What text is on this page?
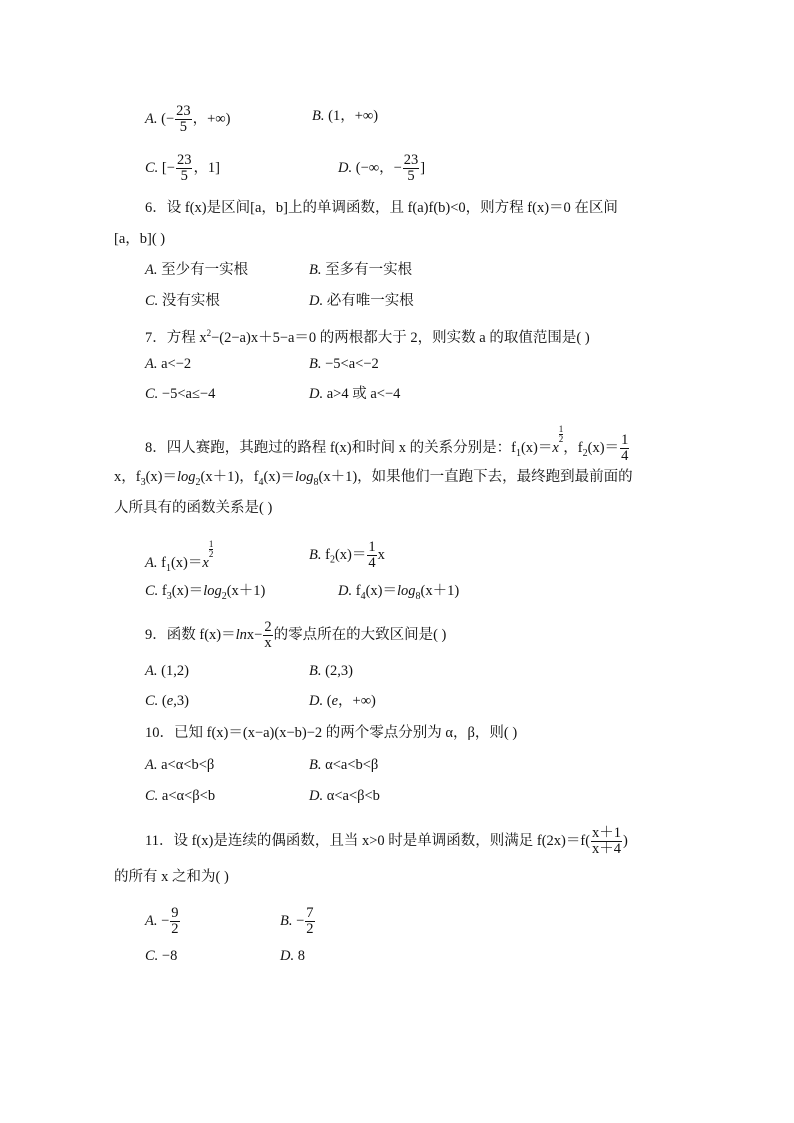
A. (− $\frac{23}{5}$ ，+∞)	B. (1，+∞)
C. [− $\frac{23}{5}$ ，1]	D. (−∞，− $\frac{23}{5}$ ]
6．设 f(x)是区间[a，b]上的单调函数，且 f(a)f(b)<0，则方程 f(x)＝0 在区间
[a，b]( )
A. 至少有一实根	B. 至多有一实根
C. 没有实根	D. 必有唯一实根
7．方程 $x^2-(2-a)x+5-a=0$ 的两根都大于 2，则实数 a 的取值范围是( )
A. a<−2	B. −5<a<−2
C. −5<a≤−4	D. a>4 或 a<−4
8．四人赛跑，其跑过的路程 f(x)和时间 x 的关系分别是：$f_1(x)=x$
$\frac{1}{2}$
，$f_2(x)= \frac{1}{4}$
x，$f_3(x)=\log_2(x+1)$，$f_4(x)=\log_8(x+1)$，如果他们一直跑下去，最终跑到最前面的
人所具有的函数关系是( )
A. $f_1(x)=x$
$\frac{1}{2}$	B. $f_2(x)= \frac{1}{4}$ x
C. $f_3(x)=\log_2(x+1)$	D. $f_4(x)=\log_8(x+1)$
9．函数 $f(x)=\ln x- \frac{2}{x}$ 的零点所在的大致区间是( )
A. (1,2)	B. (2,3)
C. (e,3)	D. (e，+∞)
10．已知 f(x)＝(x−a)(x−b)−2 的两个零点分别为 α，β，则( )
A. a<α<b<β	B. α<a<b<β
C. a<α<β<b	D. α<a<β<b
11．设 f(x)是连续的偶函数，且当 x>0 时是单调函数，则满足 $f(2x)=f( \frac{x+1}{x+4}$ )
的所有 x 之和为( )
A. − $\frac{9}{2}$	B. − $\frac{7}{2}$
C. −8	D. 8
